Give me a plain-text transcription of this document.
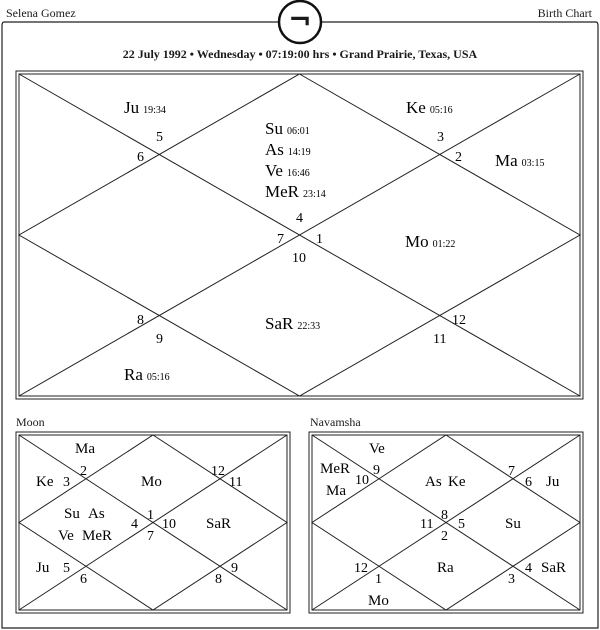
Selena Gomez	Birth Chart
¬
22 July 1992 • Wednesday • 07:19:00 hrs • Grand Prairie, Texas, USA
Su 06:01
As 14:19
Ve 16:46
MeR 23:14
4
Ke 05:16
3
2 Ma 03:15
1	Mo 01:22
12
11
10
SaR 22:33
9
Ra 05:16
8
7
6
Ju 19:34
5
Moon
Mo
1
12
11
10 SaR
9
8
7
6
Ju 5
Su As
Ve MeR
4
Ke 3
Ma
2
Navamsha
As Ke
8
7
6 Ju
5	Su
4 SaR
3
2
Ra
1
Mo
12
11
MeR
Ma
10
Ve
9
